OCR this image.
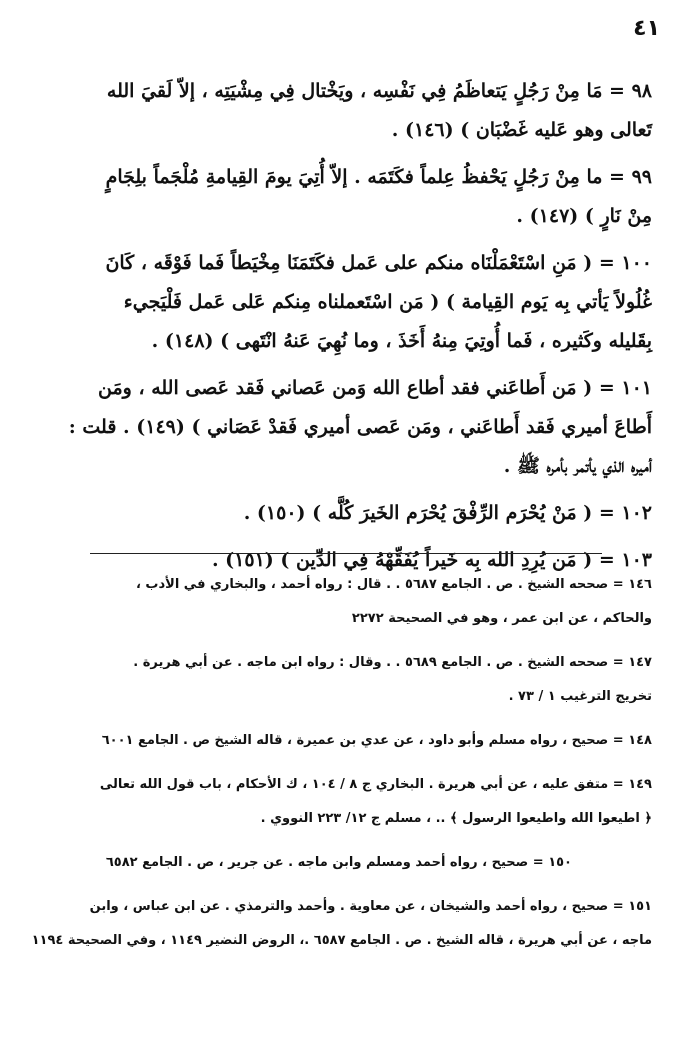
٤١

٩٨ = مَا مِنْ رَجُلٍ يَتعاظَمُ فِي نَفْسِه ، ويَخْتال فِي مِشْيَتِه ، إلاّ لَقيَ الله
تَعالى وهو عَليه غَضْبَان ) (١٤٦) .

٩٩ = ما مِنْ رَجُلٍ يَحْفظُ عِلماً فكَتَمَه . إلاّ أُتِيَ يومَ القِيامةِ مُلْجَماً بلِجَامٍ
مِنْ نَارٍ ) (١٤٧) .

١٠٠ = ( مَنِ اسْتَعْمَلْنَاه منكم على عَمل فكَتَمَنَا مِخْيَطاً فَما فَوْقَه ، كَانَ
غُلُولاً يَأتي بِه يَوم القِيامة ) ( مَن اسْتَعملناه مِنكم عَلى عَمل فَلْيَجيء
بِقَليله وكَثيره ، فَما أُوتِيَ مِنهُ أَخَذَ ، وما نُهِيَ عَنهُ انْتَهى ) (١٤٨) .

١٠١ = ( مَن أَطاعَني فقد أطاع الله وَمن عَصاني فَقد عَصى الله ، ومَن
أَطاعَ أميري فَقد أَطاعَني ، ومَن عَصى أميري فَقدْ عَصَاني ) (١٤٩) . قلت :
أميره الذي يأتمر بأمره ﷺ .

١٠٢ = ( مَنْ يُحْرَم الرِّفْقَ يُحْرَم الخَيرَ كُلَّه ) (١٥٠) .

١٠٣ = ( مَن يُرِدِ الله بِه خَيراً يُفَقِّهْهُ فِي الدِّين ) (١٥١) .

١٤٦ = صححه الشيخ . ص . الجامع ٥٦٨٧ . . قال : رواه أحمد ، والبخاري في الأدب ،
والحاكم ، عن ابن عمر ، وهو في الصحيحة ٢٢٧٢

١٤٧ = صححه الشيخ . ص . الجامع ٥٦٨٩ . . وقال : رواه ابن ماجه . عن أبي هريرة .
تخريج الترغيب ١ / ٧٣ .

١٤٨ = صحيح ، رواه مسلم وأبو داود ، عن عدي بن عميرة ، قاله الشيخ ص . الجامع ٦٠٠١

١٤٩ = متفق عليه ، عن أبي هريرة . البخاري ج ٨ / ١٠٤ ، ك الأحكام ، باب قول الله تعالى
﴿ اطيعوا الله واطيعوا الرسول ﴾ .. ، مسلم ج ١٢/ ٢٢٣ النووي .

١٥٠ = صحيح ، رواه أحمد ومسلم وابن ماجه . عن جرير ، ص . الجامع ٦٥٨٢

١٥١ = صحيح ، رواه أحمد والشيخان ، عن معاوية . وأحمد والترمذي . عن ابن عباس ، وابن
ماجه ، عن أبي هريرة ، قاله الشيخ . ص . الجامع ٦٥٨٧ .، الروض النضير ١١٤٩ ، وفي الصحيحة ١١٩٤
